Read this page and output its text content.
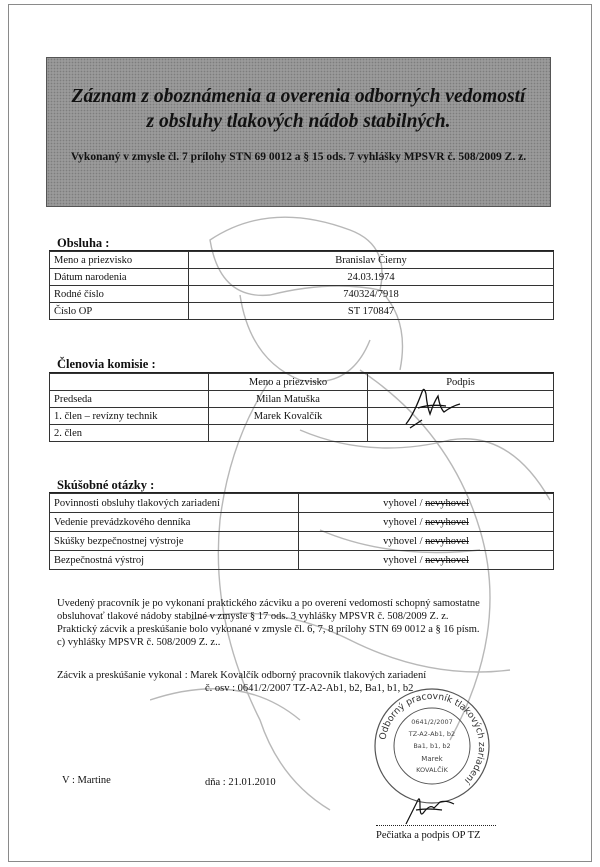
Záznam z oboznámenia a overenia odborných vedomostí z obsluhy tlakových nádob stabilných.
Vykonaný v zmysle čl. 7 prílohy STN 69 0012 a § 15 ods. 7 vyhlášky MPSVR č. 508/2009 Z. z.
Obsluha :
Meno a priezvisko	Branislav Čierny
Dátum narodenia	24.03.1974
Rodné číslo	740324/7918
Číslo OP	ST 170847
Členovia komisie :
	Meno a priezvisko	Podpis
Predseda	Milan Matuška	
1. člen – revízny technik	Marek Kovalčík	
2. člen		
Skúšobné otázky :
Povinnosti obsluhy tlakových zariadení	vyhovel / nevyhovel
Vedenie prevádzkového denníka	vyhovel / nevyhovel
Skúšky bezpečnostnej výstroje	vyhovel / nevyhovel
Bezpečnostná výstroj	vyhovel / nevyhovel
Uvedený pracovník je po vykonaní praktického zácviku a po overení vedomostí schopný samostatne
obsluhovať tlakové nádoby stabilné v zmysle § 17 ods. 3 vyhlášky MPSVR č. 508/2009 Z. z.
Praktický zácvik a preskúšanie bolo vykonané v zmysle čl. 6, 7, 8 prílohy STN 69 0012 a § 16 písm.
c) vyhlášky MPSVR č. 508/2009 Z. z..
Zácvik a preskúšanie vykonal : Marek Kovalčík odborný pracovník tlakových zariadení
č. osv : 0641/2/2007 TZ-A2-Ab1, b2, Ba1, b1, b2
Odborný pracovník tlakových zariadení
0641/2/2007
TZ-A2-Ab1, b2
Ba1, b1, b2
Marek
KOVALČÍK
V : Martine	dňa : 21.01.2010
Pečiatka a podpis OP TZ
